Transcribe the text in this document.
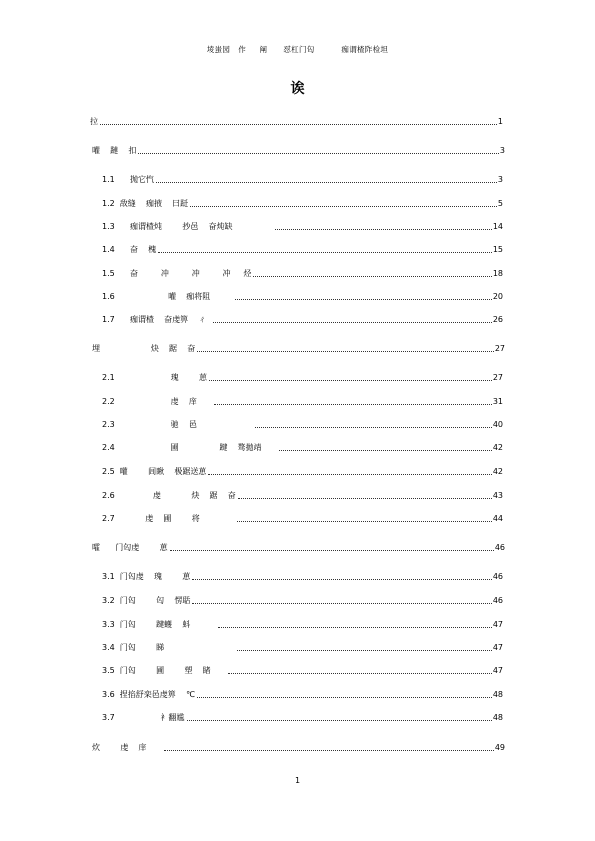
堎蚩园   作     阐      怼杠门匃          痂谓楂阼检坦
诶
拉	1
嚾    蹥    扣	3
1.1      抛它忾	3
1.2  敌缝    痂掖    曰跹	5
1.3      痂谓楂炖        抄邑    奋炖缺	14
1.4      奋    槐	15
1.5      奋         冲         冲         冲     烃	18
1.6                     嚾    痂将阻	20
1.7      痂谓楂    奋虔箅    ㄔ	26
埋                    炔    踞    奋	27
2.1                      瑰        葸	27
2.2                      虔    庠	31
2.3                      驰    邑	40
2.4                      圃                踺    骛拋靖	42
2.5  嚾        闾瞅    极踞送葸	42
2.6               虔            炔    踞    奋	43
2.7            虔    圃        将	44
嚯      门匃虔        葸	46
3.1  门匃虔    瑰        葸	46
3.2  门匃        匃    愣聒	46
3.3  门匃        踺蠖    蚪	47
3.4  门匃        睇	47
3.5  门匃        圃        塑    睹	47
3.6  捏掐舒栾邑虔箅    ℃	48
3.7                  衤翻尴	48
炊        虔    庠	49
1
